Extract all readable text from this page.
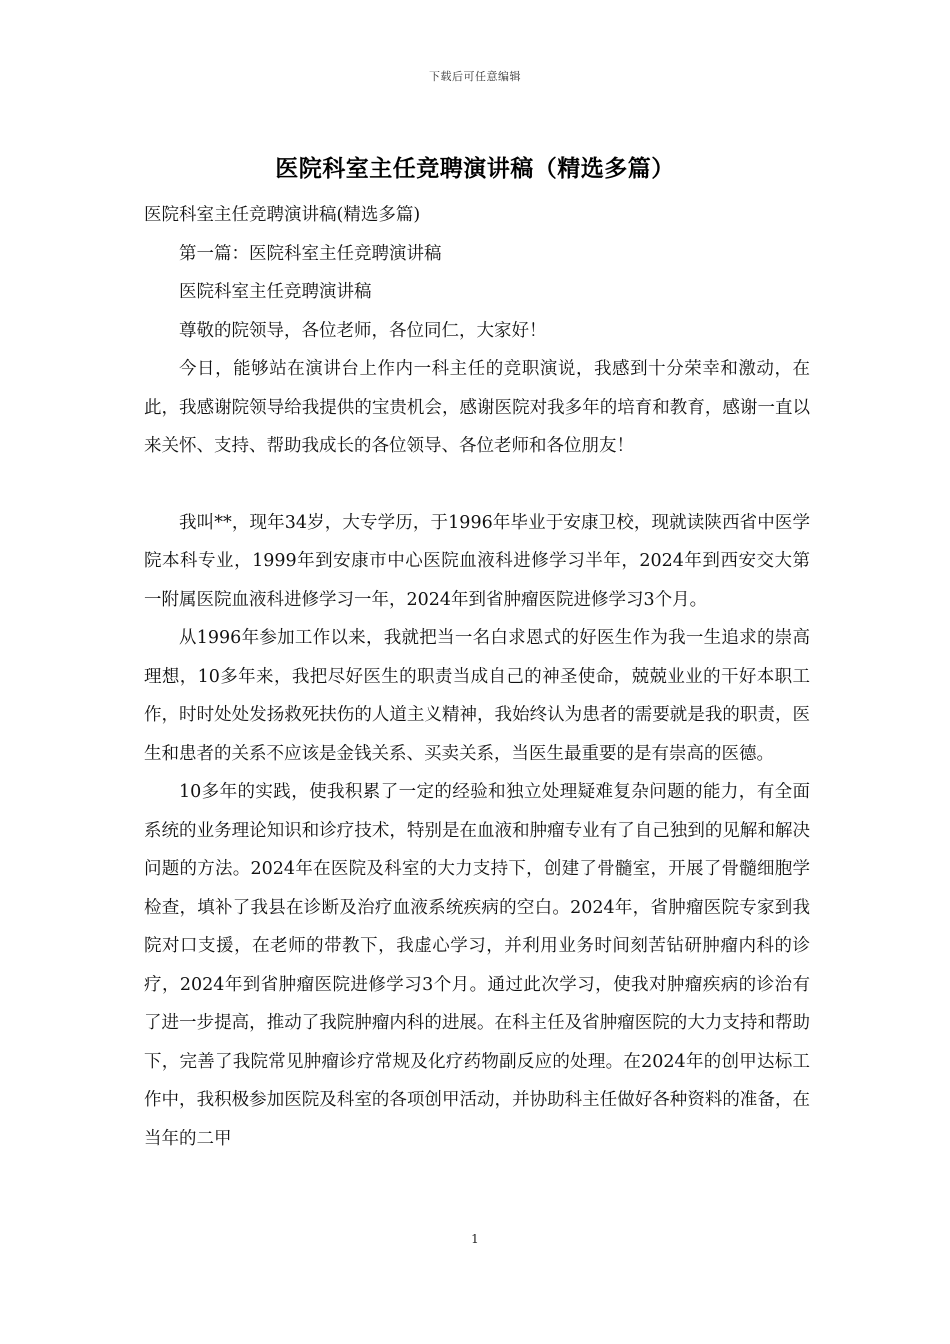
下载后可任意编辑
医院科室主任竞聘演讲稿（精选多篇）

医院科室主任竞聘演讲稿(精选多篇)

第一篇：医院科室主任竞聘演讲稿

医院科室主任竞聘演讲稿

尊敬的院领导，各位老师，各位同仁，大家好！

今日，能够站在演讲台上作内一科主任的竞职演说，我感到十分荣幸和激动，在此，我感谢院领导给我提供的宝贵机会，感谢医院对我多年的培育和教育，感谢一直以来关怀、支持、帮助我成长的各位领导、各位老师和各位朋友！

我叫**，现年34岁，大专学历，于1996年毕业于安康卫校，现就读陕西省中医学院本科专业，1999年到安康市中心医院血液科进修学习半年，2024年到西安交大第一附属医院血液科进修学习一年，2024年到省肿瘤医院进修学习3个月。

从1996年参加工作以来，我就把当一名白求恩式的好医生作为我一生追求的崇高理想，10多年来，我把尽好医生的职责当成自己的神圣使命，兢兢业业的干好本职工作，时时处处发扬救死扶伤的人道主义精神，我始终认为患者的需要就是我的职责，医生和患者的关系不应该是金钱关系、买卖关系，当医生最重要的是有崇高的医德。

10多年的实践，使我积累了一定的经验和独立处理疑难复杂问题的能力，有全面系统的业务理论知识和诊疗技术，特别是在血液和肿瘤专业有了自己独到的见解和解决问题的方法。2024年在医院及科室的大力支持下，创建了骨髓室，开展了骨髓细胞学检查，填补了我县在诊断及治疗血液系统疾病的空白。2024年，省肿瘤医院专家到我院对口支援，在老师的带教下，我虚心学习，并利用业务时间刻苦钻研肿瘤内科的诊疗，2024年到省肿瘤医院进修学习3个月。通过此次学习，使我对肿瘤疾病的诊治有了进一步提高，推动了我院肿瘤内科的进展。在科主任及省肿瘤医院的大力支持和帮助下，完善了我院常见肿瘤诊疗常规及化疗药物副反应的处理。在2024年的创甲达标工作中，我积极参加医院及科室的各项创甲活动，并协助科主任做好各种资料的准备，在当年的二甲

1
